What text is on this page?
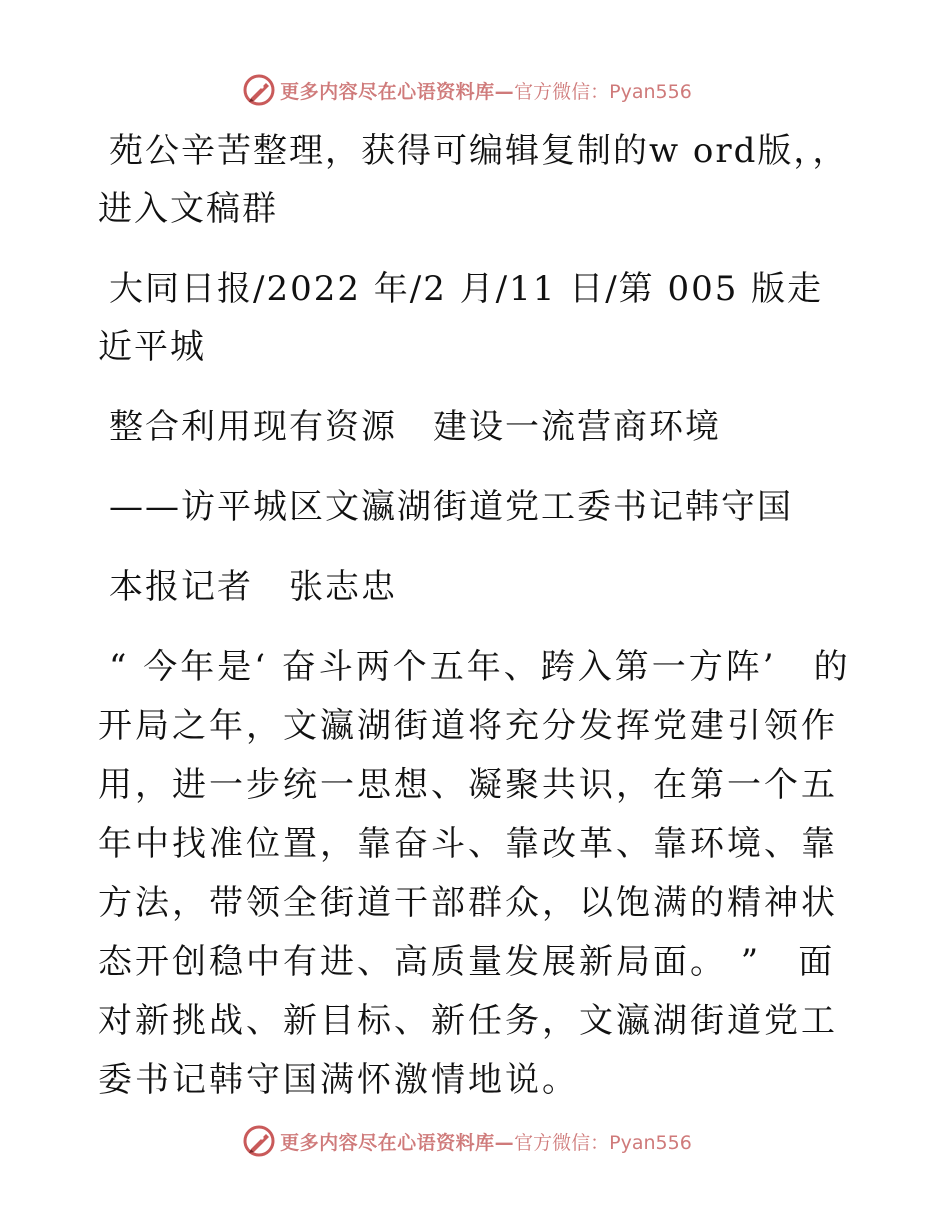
更多内容尽在心语资料库— 官方微信：Pyan556

苑公辛苦整理，获得可编辑复制的w ord版，，进入文稿群

大同日报/2022 年/2 月/11 日/第 005 版走近平城

整合利用现有资源　建设一流营商环境

——访平城区文瀛湖街道党工委书记韩守国

本报记者　张志忠

“ 今年是‘ 奋斗两个五年、跨入第一方阵’　的开局之年，文瀛湖街道将充分发挥党建引领作用，进一步统一思想、凝聚共识，在第一个五年中找准位置，靠奋斗、靠改革、靠环境、靠方法，带领全街道干部群众，以饱满的精神状态开创稳中有进、高质量发展新局面。 ”　面对新挑战、新目标、新任务，文瀛湖街道党工委书记韩守国满怀激情地说。

更多内容尽在心语资料库— 官方微信：Pyan556
